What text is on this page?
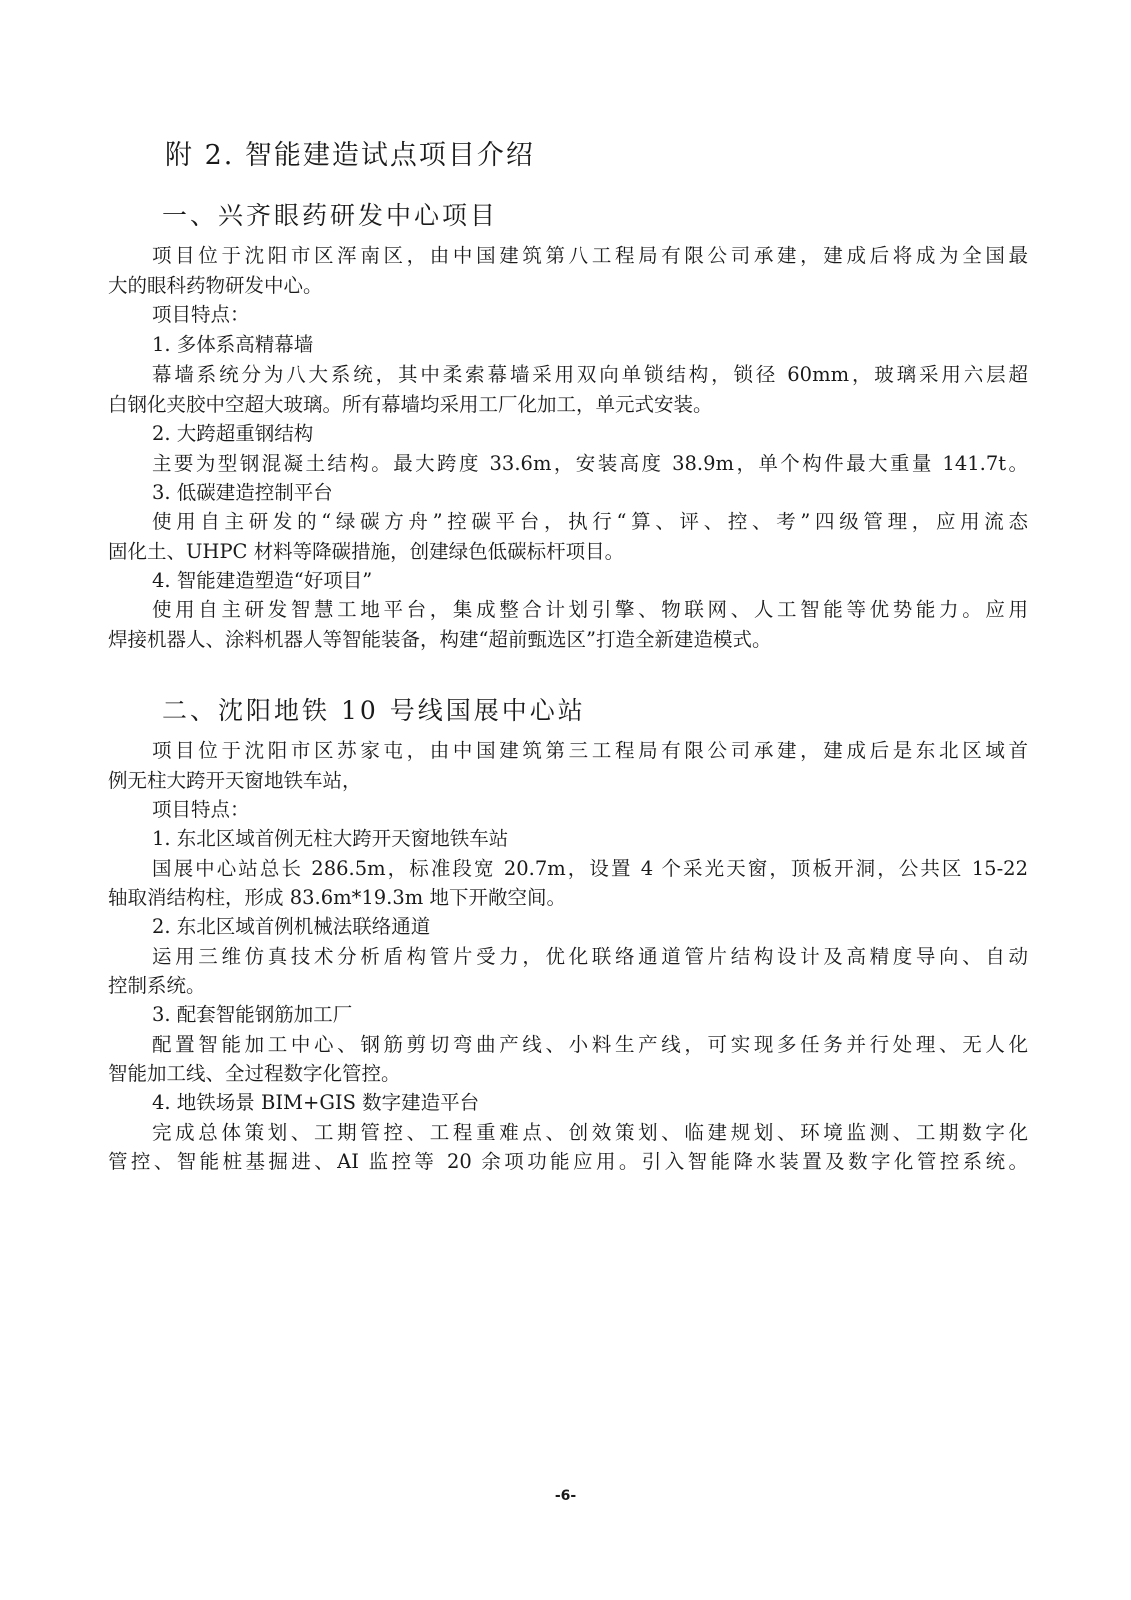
附 2. 智能建造试点项目介绍
一、兴齐眼药研发中心项目
项目位于沈阳市区浑南区，由中国建筑第八工程局有限公司承建，建成后将成为全国最
大的眼科药物研发中心。
项目特点：
1. 多体系高精幕墙
幕墙系统分为八大系统，其中柔索幕墙采用双向单锁结构，锁径 60mm，玻璃采用六层超
白钢化夹胶中空超大玻璃。所有幕墙均采用工厂化加工，单元式安装。
2. 大跨超重钢结构
主要为型钢混凝土结构。最大跨度 33.6m，安装高度 38.9m，单个构件最大重量 141.7t。
3. 低碳建造控制平台
使用自主研发的“绿碳方舟”控碳平台，执行“算、评、控、考”四级管理，应用流态
固化土、UHPC 材料等降碳措施，创建绿色低碳标杆项目。
4. 智能建造塑造“好项目”
使用自主研发智慧工地平台，集成整合计划引擎、物联网、人工智能等优势能力。应用
焊接机器人、涂料机器人等智能装备，构建“超前甄选区”打造全新建造模式。
二、沈阳地铁 10 号线国展中心站
项目位于沈阳市区苏家屯，由中国建筑第三工程局有限公司承建，建成后是东北区域首
例无柱大跨开天窗地铁车站，
项目特点：
1. 东北区域首例无柱大跨开天窗地铁车站
国展中心站总长 286.5m，标准段宽 20.7m，设置 4 个采光天窗，顶板开洞，公共区 15-22
轴取消结构柱，形成 83.6m*19.3m 地下开敞空间。
2. 东北区域首例机械法联络通道
运用三维仿真技术分析盾构管片受力，优化联络通道管片结构设计及高精度导向、自动
控制系统。
3. 配套智能钢筋加工厂
配置智能加工中心、钢筋剪切弯曲产线、小料生产线，可实现多任务并行处理、无人化
智能加工线、全过程数字化管控。
4. 地铁场景 BIM+GIS 数字建造平台
完成总体策划、工期管控、工程重难点、创效策划、临建规划、环境监测、工期数字化
管控、智能桩基掘进、AI 监控等 20 余项功能应用。引入智能降水装置及数字化管控系统。
-6-
